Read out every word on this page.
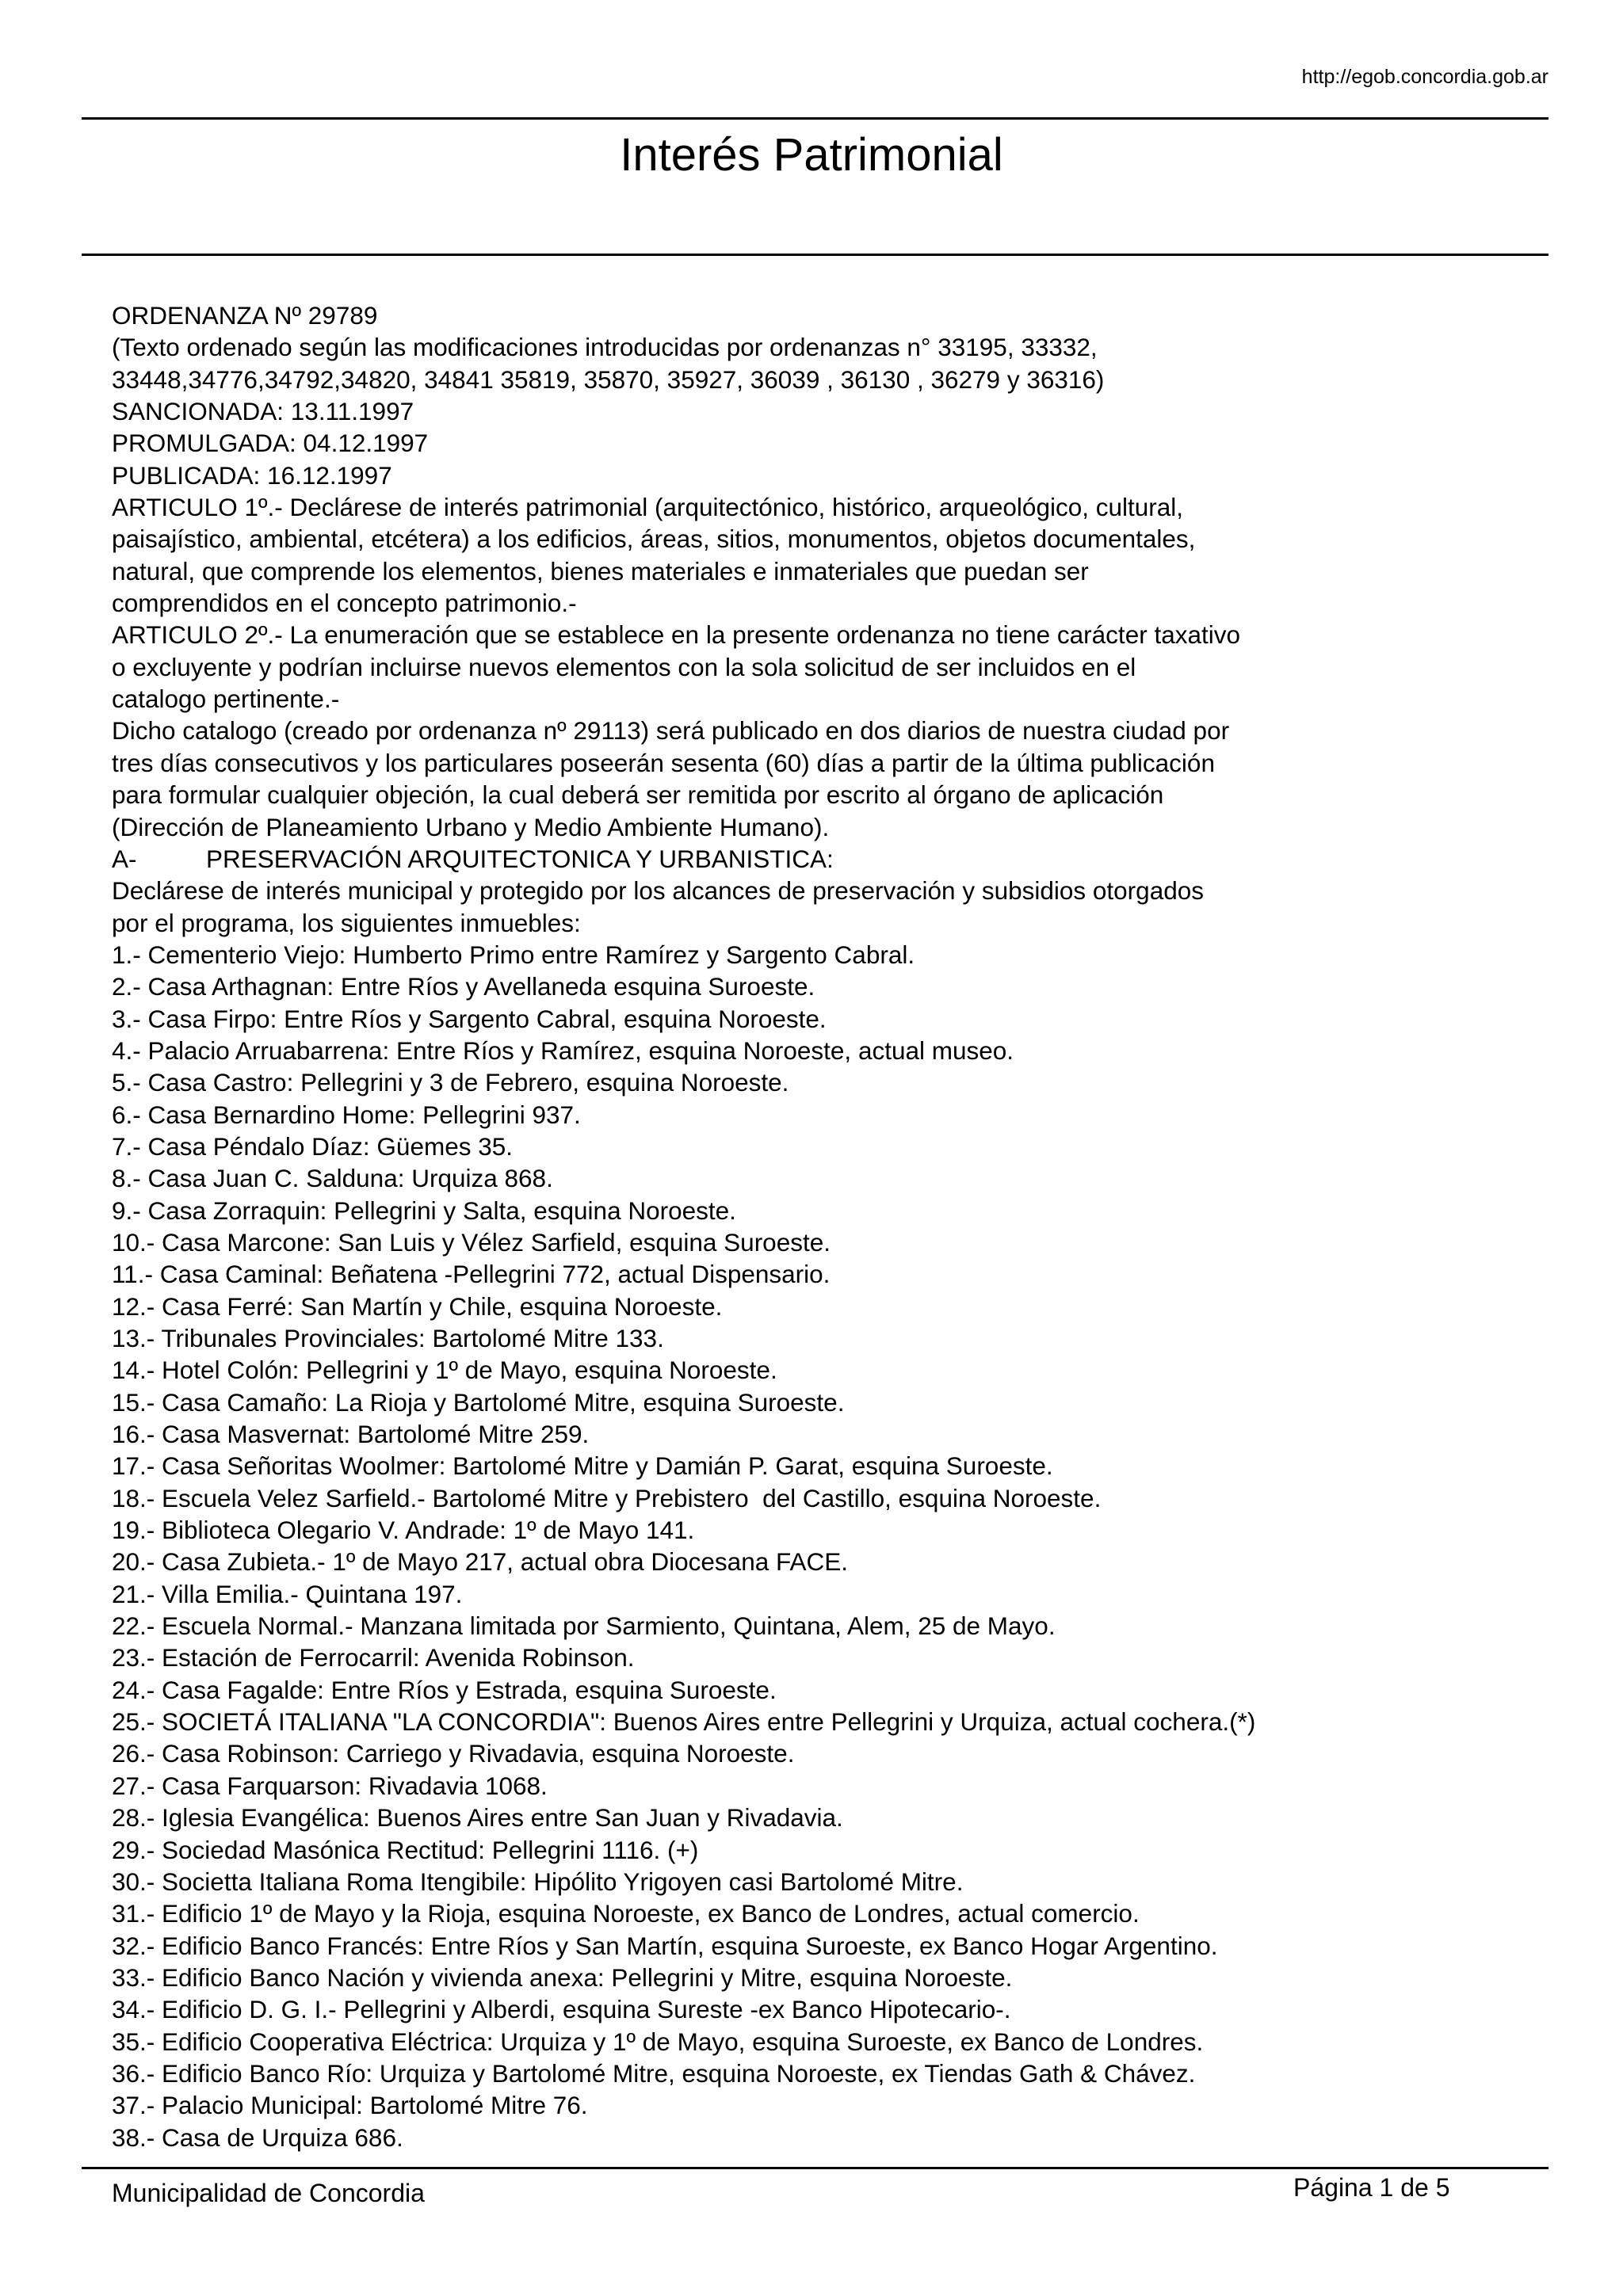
http://egob.concordia.gob.ar
Interés Patrimonial
ORDENANZA Nº 29789
(Texto ordenado según las modificaciones introducidas por ordenanzas n° 33195, 33332,
33448,34776,34792,34820, 34841 35819, 35870, 35927, 36039 , 36130 , 36279 y 36316)
SANCIONADA: 13.11.1997
PROMULGADA: 04.12.1997
PUBLICADA: 16.12.1997
ARTICULO 1º.- Declárese de interés patrimonial (arquitectónico, histórico, arqueológico, cultural,
paisajístico, ambiental, etcétera) a los edificios, áreas, sitios, monumentos, objetos documentales,
natural, que comprende los elementos, bienes materiales e inmateriales que puedan ser
comprendidos en el concepto patrimonio.-
ARTICULO 2º.- La enumeración que se establece en la presente ordenanza no tiene carácter taxativo
o excluyente y podrían incluirse nuevos elementos con la sola solicitud de ser incluidos en el
catalogo pertinente.-
Dicho catalogo (creado por ordenanza nº 29113) será publicado en dos diarios de nuestra ciudad por
tres días consecutivos y los particulares poseerán sesenta (60) días a partir de la última publicación
para formular cualquier objeción, la cual deberá ser remitida por escrito al órgano de aplicación
(Dirección de Planeamiento Urbano y Medio Ambiente Humano).
A-          PRESERVACIÓN ARQUITECTONICA Y URBANISTICA:
Declárese de interés municipal y protegido por los alcances de preservación y subsidios otorgados
por el programa, los siguientes inmuebles:
1.- Cementerio Viejo: Humberto Primo entre Ramírez y Sargento Cabral.
2.- Casa Arthagnan: Entre Ríos y Avellaneda esquina Suroeste.
3.- Casa Firpo: Entre Ríos y Sargento Cabral, esquina Noroeste.
4.- Palacio Arruabarrena: Entre Ríos y Ramírez, esquina Noroeste, actual museo.
5.- Casa Castro: Pellegrini y 3 de Febrero, esquina Noroeste.
6.- Casa Bernardino Home: Pellegrini 937.
7.- Casa Péndalo Díaz: Güemes 35.
8.- Casa Juan C. Salduna: Urquiza 868.
9.- Casa Zorraquin: Pellegrini y Salta, esquina Noroeste.
10.- Casa Marcone: San Luis y Vélez Sarfield, esquina Suroeste.
11.- Casa Caminal: Beñatena -Pellegrini 772, actual Dispensario.
12.- Casa Ferré: San Martín y Chile, esquina Noroeste.
13.- Tribunales Provinciales: Bartolomé Mitre 133.
14.- Hotel Colón: Pellegrini y 1º de Mayo, esquina Noroeste.
15.- Casa Camaño: La Rioja y Bartolomé Mitre, esquina Suroeste.
16.- Casa Masvernat: Bartolomé Mitre 259.
17.- Casa Señoritas Woolmer: Bartolomé Mitre y Damián P. Garat, esquina Suroeste.
18.- Escuela Velez Sarfield.- Bartolomé Mitre y Prebistero  del Castillo, esquina Noroeste.
19.- Biblioteca Olegario V. Andrade: 1º de Mayo 141.
20.- Casa Zubieta.- 1º de Mayo 217, actual obra Diocesana FACE.
21.- Villa Emilia.- Quintana 197.
22.- Escuela Normal.- Manzana limitada por Sarmiento, Quintana, Alem, 25 de Mayo.
23.- Estación de Ferrocarril: Avenida Robinson.
24.- Casa Fagalde: Entre Ríos y Estrada, esquina Suroeste.
25.- SOCIETÁ ITALIANA "LA CONCORDIA": Buenos Aires entre Pellegrini y Urquiza, actual cochera.(*)
26.- Casa Robinson: Carriego y Rivadavia, esquina Noroeste.
27.- Casa Farquarson: Rivadavia 1068.
28.- Iglesia Evangélica: Buenos Aires entre San Juan y Rivadavia.
29.- Sociedad Masónica Rectitud: Pellegrini 1116. (+)
30.- Societta Italiana Roma Itengibile: Hipólito Yrigoyen casi Bartolomé Mitre.
31.- Edificio 1º de Mayo y la Rioja, esquina Noroeste, ex Banco de Londres, actual comercio.
32.- Edificio Banco Francés: Entre Ríos y San Martín, esquina Suroeste, ex Banco Hogar Argentino.
33.- Edificio Banco Nación y vivienda anexa: Pellegrini y Mitre, esquina Noroeste.
34.- Edificio D. G. I.- Pellegrini y Alberdi, esquina Sureste -ex Banco Hipotecario-.
35.- Edificio Cooperativa Eléctrica: Urquiza y 1º de Mayo, esquina Suroeste, ex Banco de Londres.
36.- Edificio Banco Río: Urquiza y Bartolomé Mitre, esquina Noroeste, ex Tiendas Gath & Chávez.
37.- Palacio Municipal: Bartolomé Mitre 76.
38.- Casa de Urquiza 686.
Municipalidad de Concordia	Página 1 de 5
